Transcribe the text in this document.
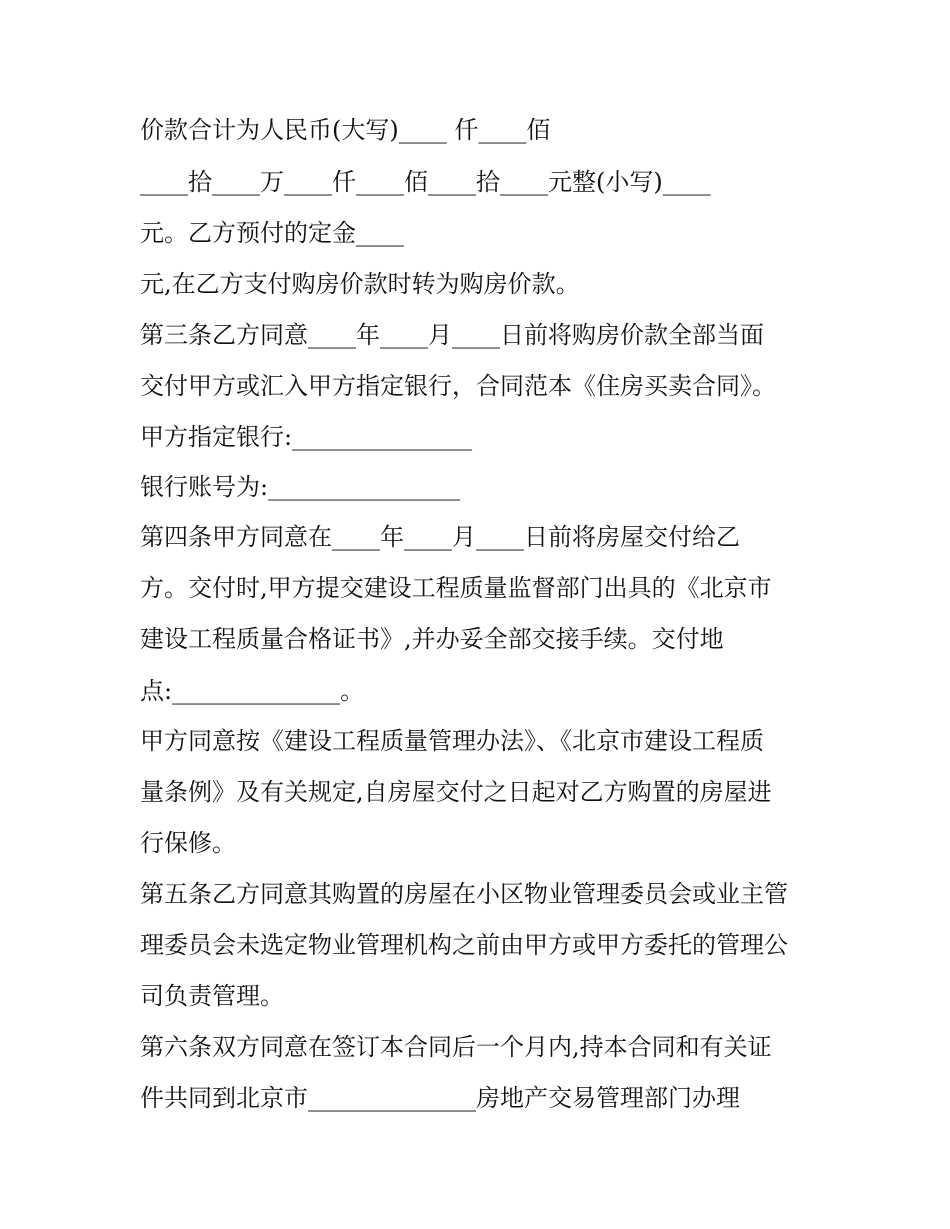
价款合计为人民币(大写)____ 仟____佰
____拾____万____仟____佰____拾____元整(小写)____
元。乙方预付的定金____
元,在乙方支付购房价款时转为购房价款。
第三条乙方同意____年____月____日前将购房价款全部当面
交付甲方或汇入甲方指定银行，合同范本《住房买卖合同》。
甲方指定银行:_______________
银行账号为:________________
第四条甲方同意在____年____月____日前将房屋交付给乙
方。交付时,甲方提交建设工程质量监督部门出具的《北京市
建设工程质量合格证书》,并办妥全部交接手续。交付地
点:______________。
甲方同意按《建设工程质量管理办法》、《北京市建设工程质
量条例》及有关规定,自房屋交付之日起对乙方购置的房屋进
行保修。
第五条乙方同意其购置的房屋在小区物业管理委员会或业主管
理委员会未选定物业管理机构之前由甲方或甲方委托的管理公
司负责管理。
第六条双方同意在签订本合同后一个月内,持本合同和有关证
件共同到北京市______________房地产交易管理部门办理
